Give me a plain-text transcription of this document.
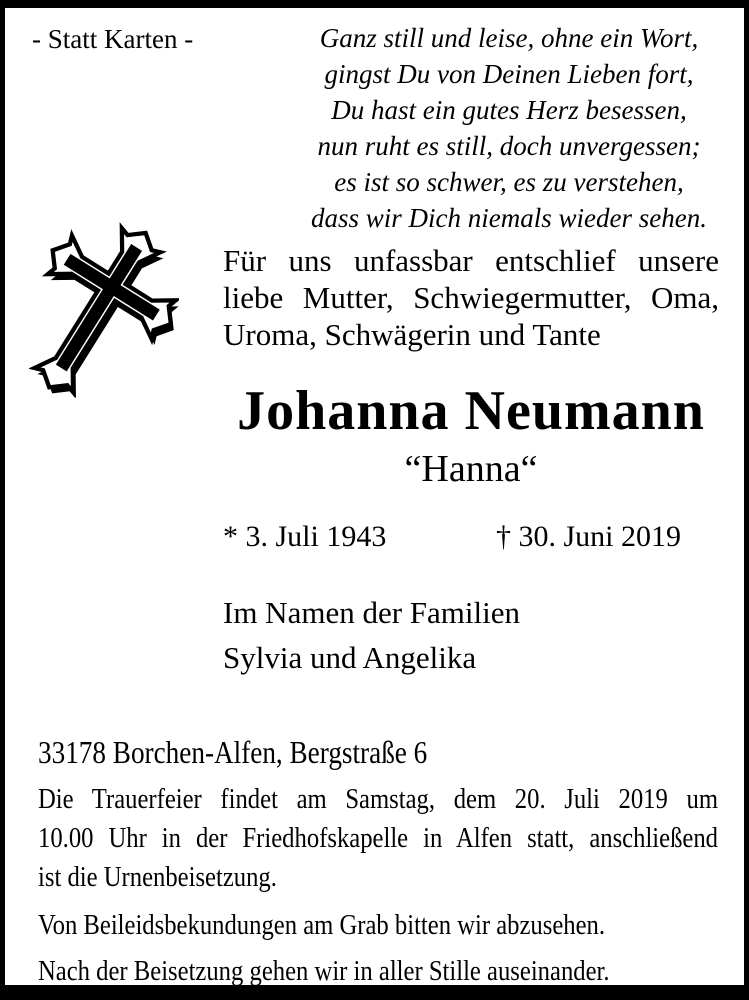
- Statt Karten -	Ganz still und leise, ohne ein Wort,
gingst Du von Deinen Lieben fort,
Du hast ein gutes Herz besessen,
nun ruht es still, doch unvergessen;
es ist so schwer, es zu verstehen,
dass wir Dich niemals wieder sehen.
Für uns unfassbar entschlief unsere
liebe Mutter, Schwiegermutter, Oma,
Uroma, Schwägerin und Tante
Johanna Neumann
“Hanna“
* 3. Juli 1943	† 30. Juni 2019
Im Namen der Familien
Sylvia und Angelika
33178 Borchen-Alfen, Bergstraße 6
Die Trauerfeier findet am Samstag, dem 20. Juli 2019 um
10.00 Uhr in der Friedhofskapelle in Alfen statt, anschließend
ist die Urnenbeisetzung.
Von Beileidsbekundungen am Grab bitten wir abzusehen.
Nach der Beisetzung gehen wir in aller Stille auseinander.
